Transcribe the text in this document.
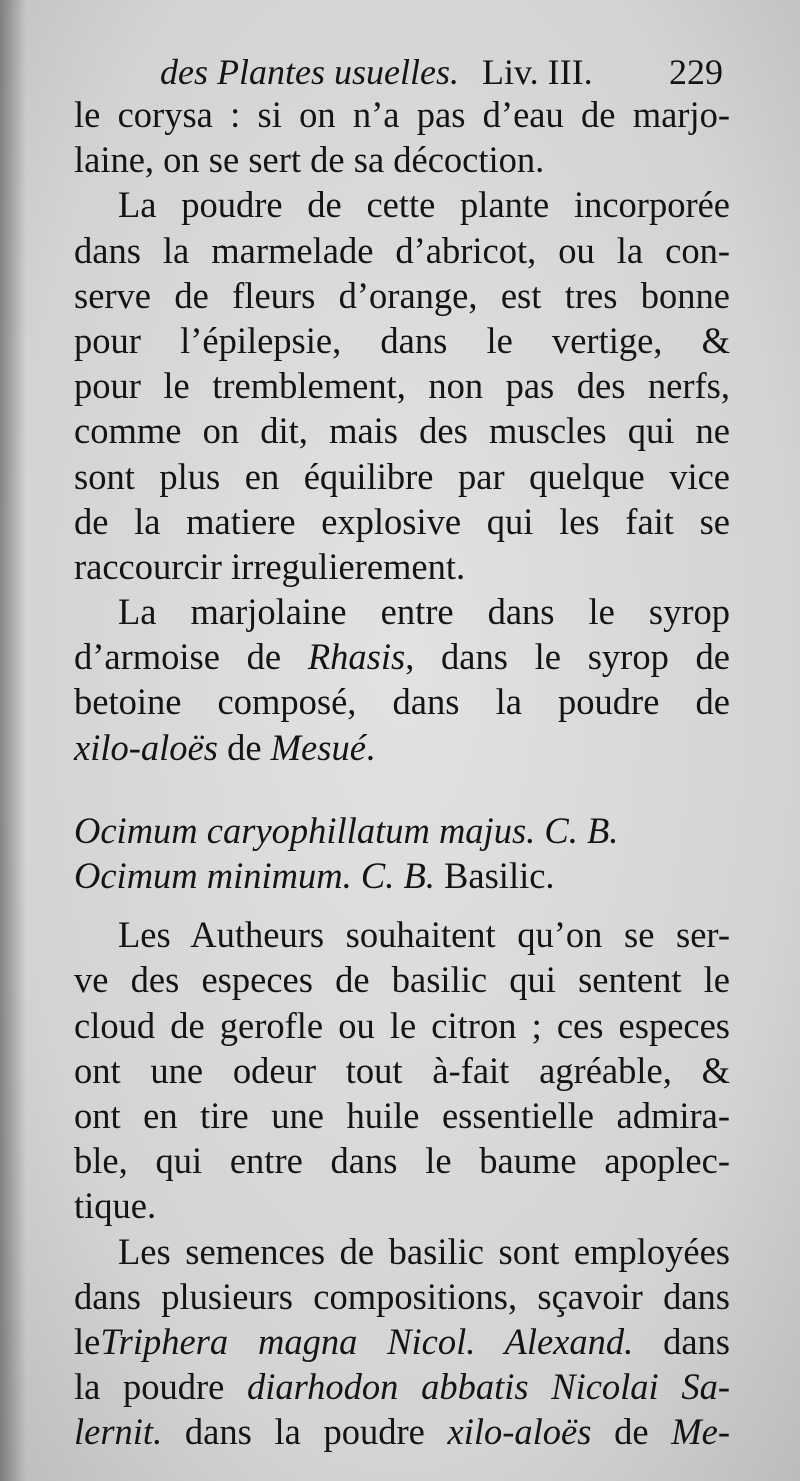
des Plantes usuelles. Liv. III. 229
le corysa : si on n’a pas d’eau de marjo-
laine, on se sert de sa décoction.
La poudre de cette plante incorporée
dans la marmelade d’abricot, ou la con-
serve de fleurs d’orange, est tres bonne
pour l’épilepsie, dans le vertige, &
pour le tremblement, non pas des nerfs,
comme on dit, mais des muscles qui ne
sont plus en équilibre par quelque vice
de la matiere explosive qui les fait se
raccourcir irregulierement.
La marjolaine entre dans le syrop
d’armoise de Rhasis, dans le syrop de
betoine composé, dans la poudre de
xilo-aloës de Mesué.
Ocimum caryophillatum majus. C. B.
Ocimum minimum. C. B. Basilic.
Les Autheurs souhaitent qu’on se ser-
ve des especes de basilic qui sentent le
cloud de gerofle ou le citron ; ces especes
ont une odeur tout à-fait agréable, &
ont en tire une huile essentielle admira-
ble, qui entre dans le baume apoplec-
tique.
Les semences de basilic sont employées
dans plusieurs compositions, sçavoir dans
leTriphera magna Nicol. Alexand. dans
la poudre diarhodon abbatis Nicolai Sa-
lernit. dans la poudre xilo-aloës de Me-
